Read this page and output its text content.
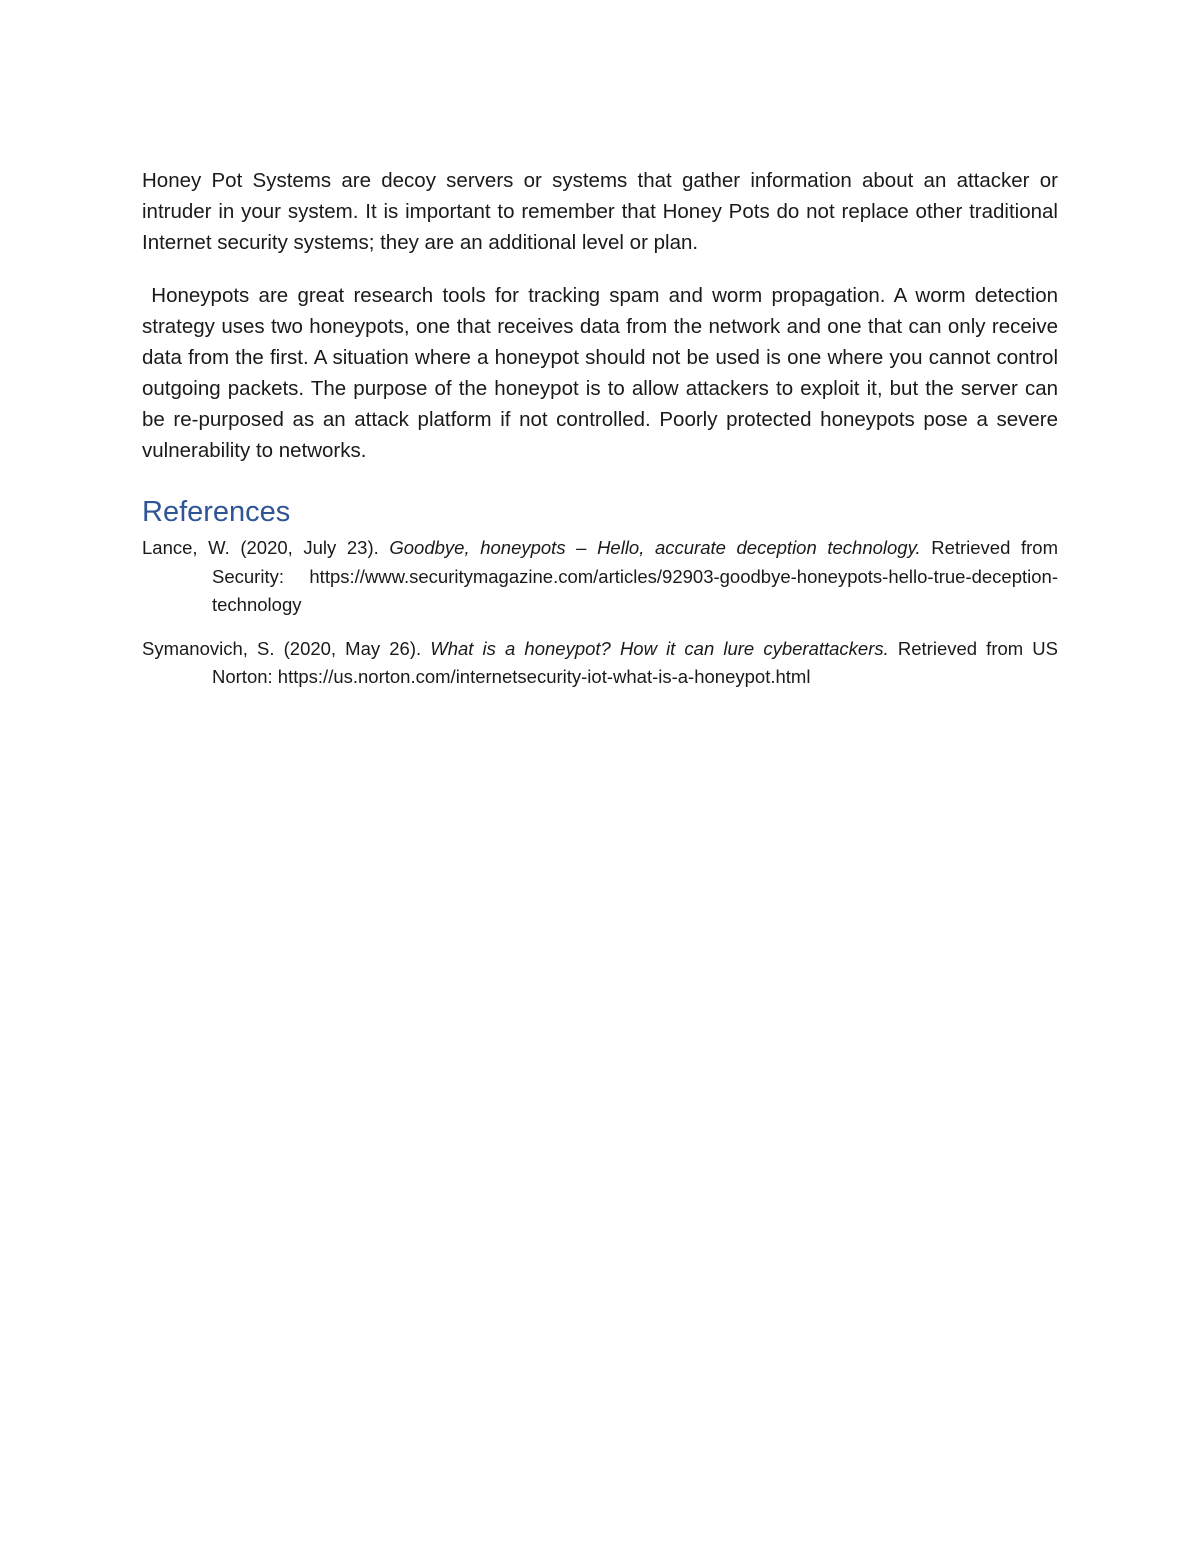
Honey Pot Systems are decoy servers or systems that gather information about an attacker or intruder in your system. It is important to remember that Honey Pots do not replace other traditional Internet security systems; they are an additional level or plan.

Honeypots are great research tools for tracking spam and worm propagation. A worm detection strategy uses two honeypots, one that receives data from the network and one that can only receive data from the first. A situation where a honeypot should not be used is one where you cannot control outgoing packets. The purpose of the honeypot is to allow attackers to exploit it, but the server can be re-purposed as an attack platform if not controlled. Poorly protected honeypots pose a severe vulnerability to networks.

References

Lance, W. (2020, July 23). Goodbye, honeypots – Hello, accurate deception technology. Retrieved from Security: https://www.securitymagazine.com/articles/92903-goodbye-honeypots-hello-true-deception-technology

Symanovich, S. (2020, May 26). What is a honeypot? How it can lure cyberattackers. Retrieved from US Norton: https://us.norton.com/internetsecurity-iot-what-is-a-honeypot.html
